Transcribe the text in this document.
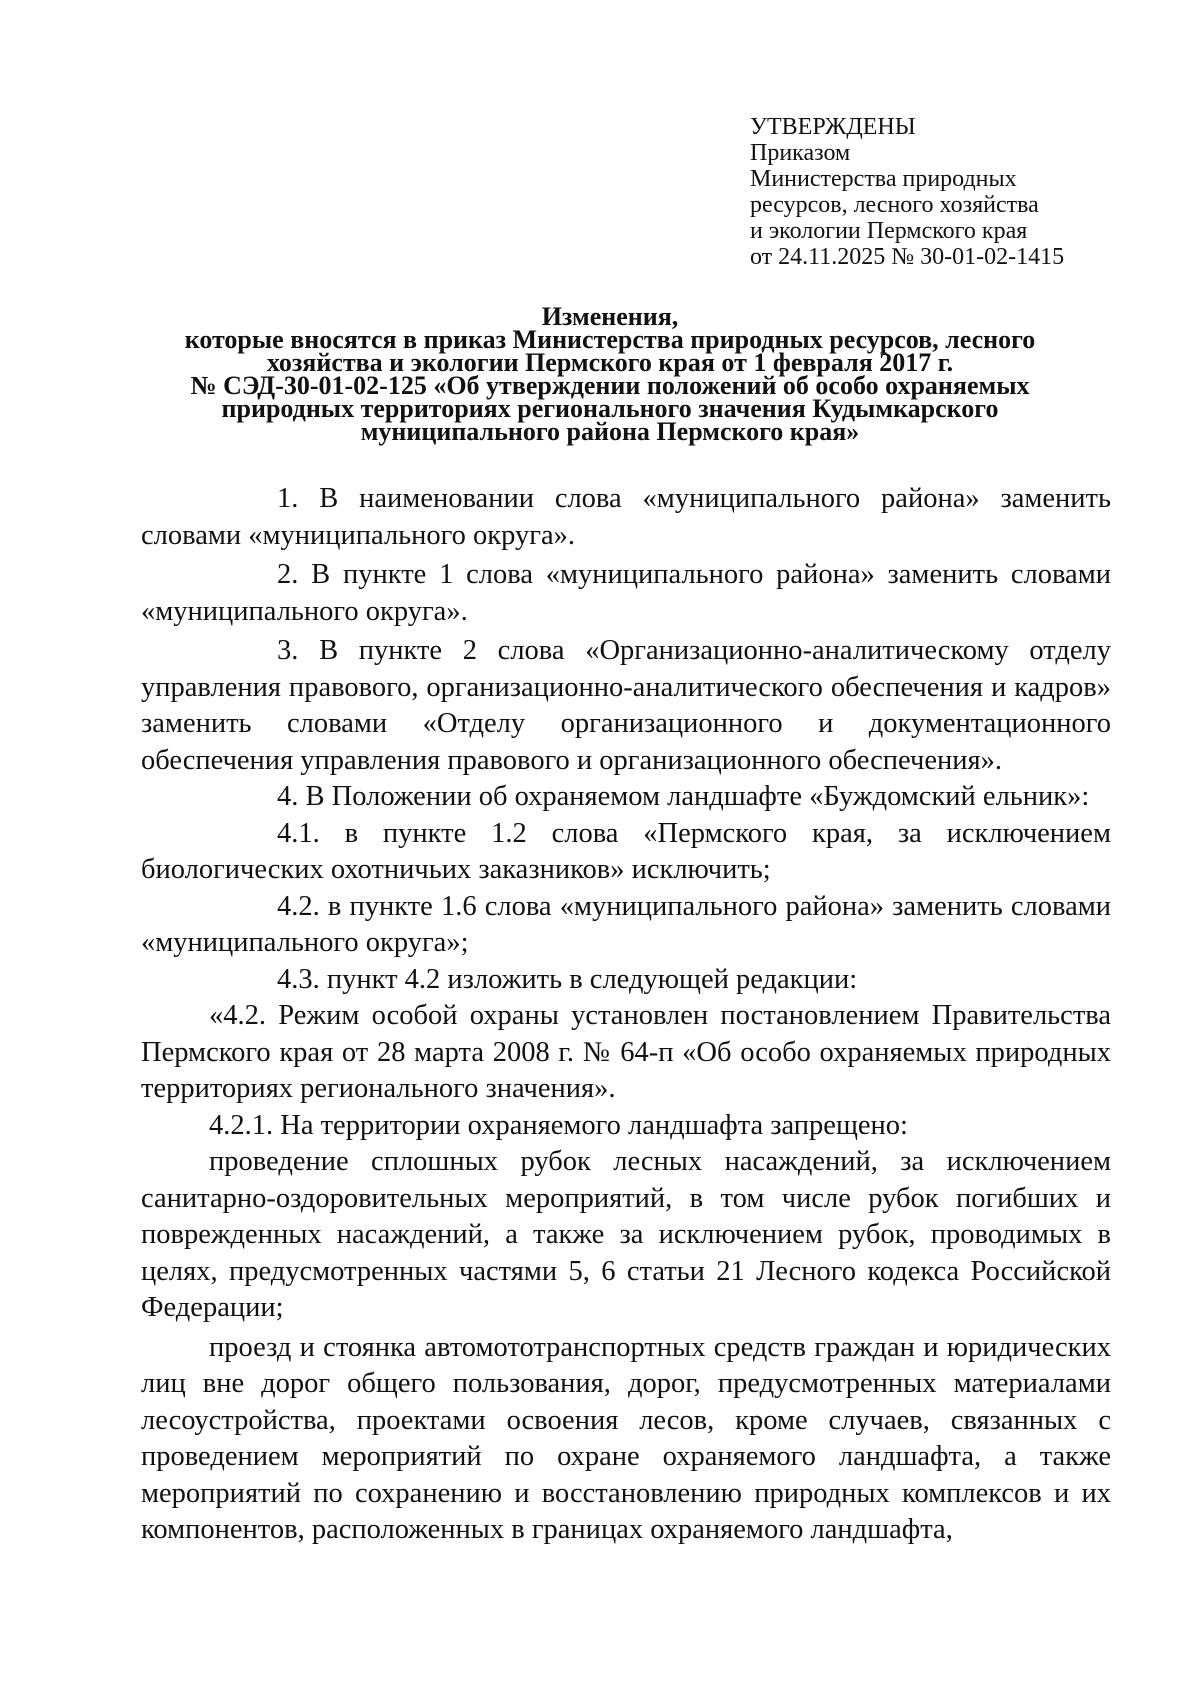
УТВЕРЖДЕНЫ
Приказом
Министерства природных
ресурсов, лесного хозяйства
и экологии Пермского края
от 24.11.2025 № 30-01-02-1415
Изменения,
которые вносятся в приказ Министерства природных ресурсов, лесного
хозяйства и экологии Пермского края от 1 февраля 2017 г.
№ СЭД-30-01-02-125 «Об утверждении положений об особо охраняемых
природных территориях регионального значения Кудымкарского
муниципального района Пермского края»

1. В наименовании слова «муниципального района» заменить словами «муниципального округа».

2. В пункте 1 слова «муниципального района» заменить словами «муниципального округа».

3. В пункте 2 слова «Организационно-аналитическому отделу управления правового, организационно-аналитического обеспечения и кадров» заменить словами «Отделу организационного и документационного обеспечения управления правового и организационного обеспечения».

4. В Положении об охраняемом ландшафте «Буждомский ельник»:

4.1. в пункте 1.2 слова «Пермского края, за исключением биологических охотничьих заказников» исключить;

4.2. в пункте 1.6 слова «муниципального района» заменить словами «муниципального округа»;

4.3. пункт 4.2 изложить в следующей редакции:

«4.2. Режим особой охраны установлен постановлением Правительства Пермского края от 28 марта 2008 г. № 64-п «Об особо охраняемых природных территориях регионального значения».

4.2.1. На территории охраняемого ландшафта запрещено:

проведение сплошных рубок лесных насаждений, за исключением санитарно-оздоровительных мероприятий, в том числе рубок погибших и поврежденных насаждений, а также за исключением рубок, проводимых в целях, предусмотренных частями 5, 6 статьи 21 Лесного кодекса Российской Федерации;

проезд и стоянка автомототранспортных средств граждан и юридических лиц вне дорог общего пользования, дорог, предусмотренных материалами лесоустройства, проектами освоения лесов, кроме случаев, связанных с проведением мероприятий по охране охраняемого ландшафта, а также мероприятий по сохранению и восстановлению природных комплексов и их компонентов, расположенных в границах охраняемого ландшафта,
